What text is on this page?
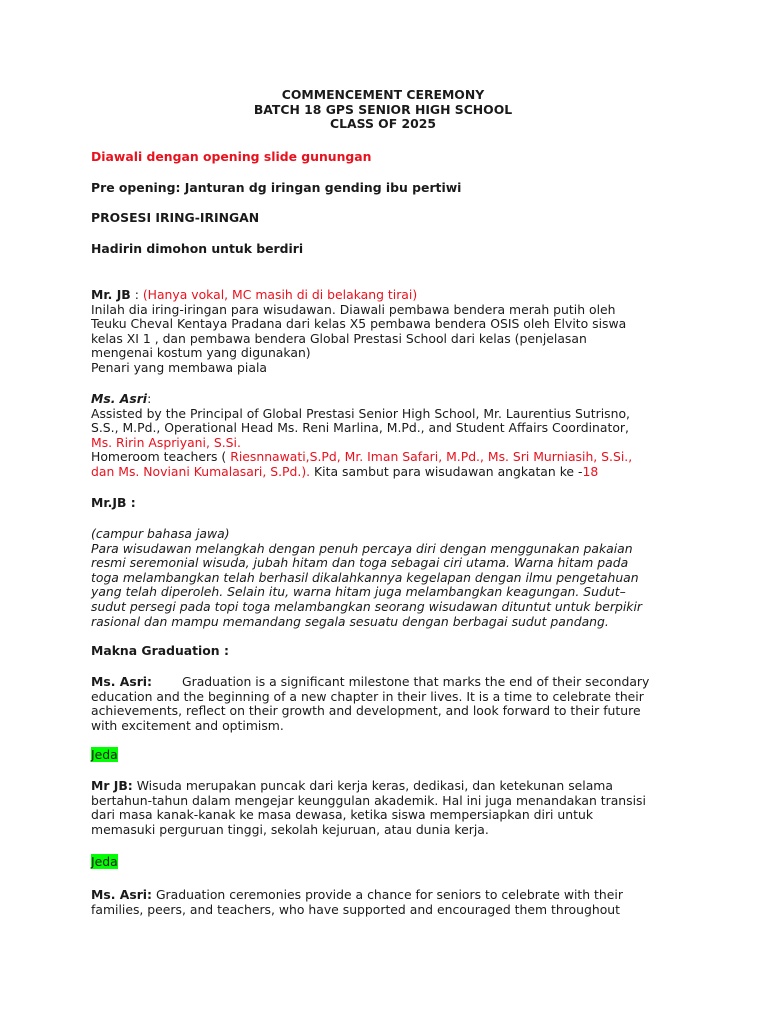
COMMENCEMENT CEREMONY

BATCH 18 GPS SENIOR HIGH SCHOOL

CLASS OF 2025

Diawali dengan opening slide gunungan

Pre opening: Janturan dg iringan gending ibu pertiwi

PROSESI IRING-IRINGAN

Hadirin dimohon untuk berdiri

Mr. JB : (Hanya vokal, MC masih di di belakang tirai)

Inilah dia iring-iringan para wisudawan. Diawali pembawa bendera merah putih oleh

Teuku Cheval Kentaya Pradana dari kelas X5 pembawa bendera OSIS oleh Elvito siswa

kelas XI 1 , dan pembawa bendera Global Prestasi School dari kelas (penjelasan

mengenai kostum yang digunakan)

Penari yang membawa piala

Ms. Asri:

Assisted by the Principal of Global Prestasi Senior High School, Mr. Laurentius Sutrisno,

S.S., M.Pd., Operational Head Ms. Reni Marlina, M.Pd., and Student Affairs Coordinator,

Ms. Ririn Aspriyani, S.Si.

Homeroom teachers ( Riesnnawati,S.Pd, Mr. Iman Safari, M.Pd., Ms. Sri Murniasih, S.Si.,

dan Ms. Noviani Kumalasari, S.Pd.). Kita sambut para wisudawan angkatan ke -18

Mr.JB :

(campur bahasa jawa)

Para wisudawan melangkah dengan penuh percaya diri dengan menggunakan pakaian

resmi seremonial wisuda, jubah hitam dan toga sebagai ciri utama. Warna hitam pada

toga melambangkan telah berhasil dikalahkannya kegelapan dengan ilmu pengetahuan

yang telah diperoleh. Selain itu, warna hitam juga melambangkan keagungan. Sudut–

sudut persegi pada topi toga melambangkan seorang wisudawan dituntut untuk berpikir

rasional dan mampu memandang segala sesuatu dengan berbagai sudut pandang.

Makna Graduation :

Ms. Asri: Graduation is a significant milestone that marks the end of their secondary

education and the beginning of a new chapter in their lives. It is a time to celebrate their

achievements, reflect on their growth and development, and look forward to their future

with excitement and optimism.

Jeda

Mr JB: Wisuda merupakan puncak dari kerja keras, dedikasi, dan ketekunan selama

bertahun-tahun dalam mengejar keunggulan akademik. Hal ini juga menandakan transisi

dari masa kanak-kanak ke masa dewasa, ketika siswa mempersiapkan diri untuk

memasuki perguruan tinggi, sekolah kejuruan, atau dunia kerja.

Jeda

Ms. Asri: Graduation ceremonies provide a chance for seniors to celebrate with their

families, peers, and teachers, who have supported and encouraged them throughout
